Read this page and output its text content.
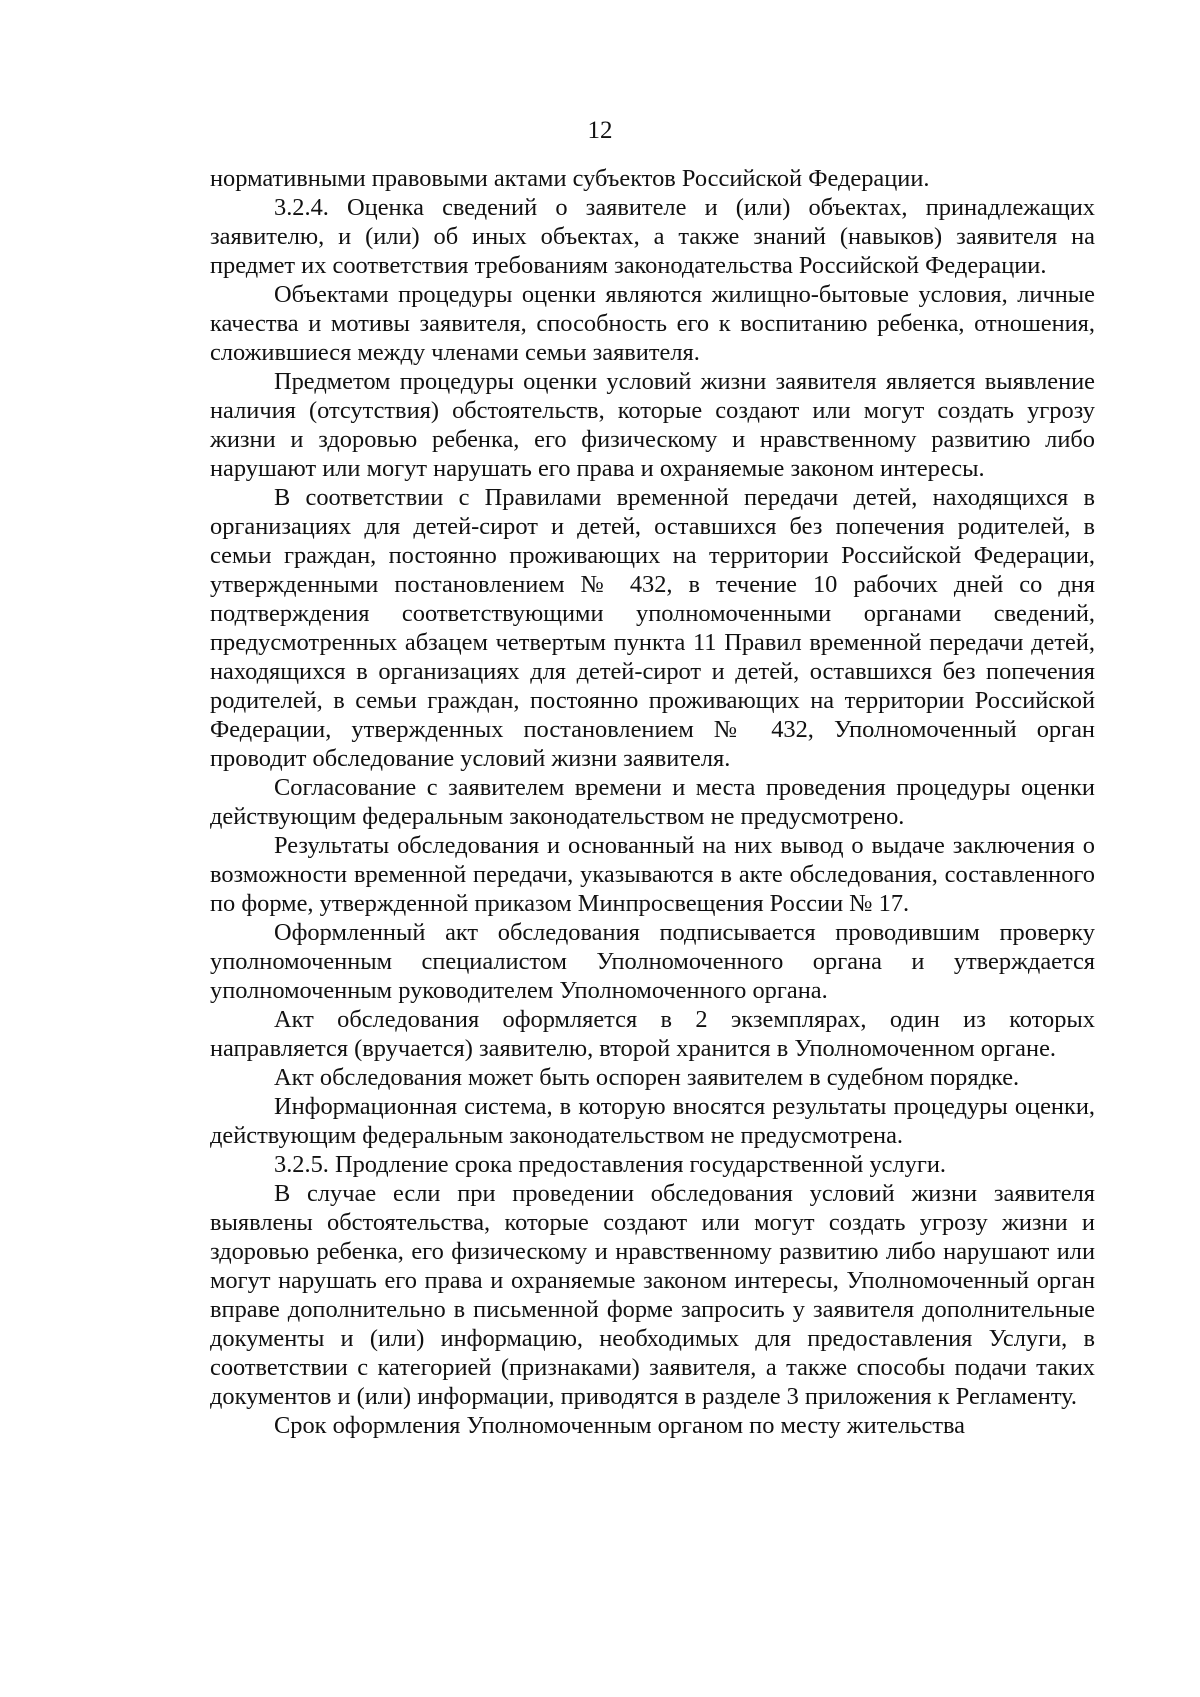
12

нормативными правовыми актами субъектов Российской Федерации.

3.2.4. Оценка сведений о заявителе и (или) объектах, принадлежащих заявителю, и (или) об иных объектах, а также знаний (навыков) заявителя на предмет их соответствия требованиям законодательства Российской Федерации.

Объектами процедуры оценки являются жилищно-бытовые условия, личные качества и мотивы заявителя, способность его к воспитанию ребенка, отношения, сложившиеся между членами семьи заявителя.

Предметом процедуры оценки условий жизни заявителя является выявление наличия (отсутствия) обстоятельств, которые создают или могут создать угрозу жизни и здоровью ребенка, его физическому и нравственному развитию либо нарушают или могут нарушать его права и охраняемые законом интересы.

В соответствии с Правилами временной передачи детей, находящихся в организациях для детей-сирот и детей, оставшихся без попечения родителей, в семьи граждан, постоянно проживающих на территории Российской Федерации, утвержденными постановлением № 432, в течение 10 рабочих дней со дня подтверждения соответствующими уполномоченными органами сведений, предусмотренных абзацем четвертым пункта 11 Правил временной передачи детей, находящихся в организациях для детей-сирот и детей, оставшихся без попечения родителей, в семьи граждан, постоянно проживающих на территории Российской Федерации, утвержденных постановлением № 432, Уполномоченный орган проводит обследование условий жизни заявителя.

Согласование с заявителем времени и места проведения процедуры оценки действующим федеральным законодательством не предусмотрено.

Результаты обследования и основанный на них вывод о выдаче заключения о возможности временной передачи, указываются в акте обследования, составленного по форме, утвержденной приказом Минпросвещения России № 17.

Оформленный акт обследования подписывается проводившим проверку уполномоченным специалистом Уполномоченного органа и утверждается уполномоченным руководителем Уполномоченного органа.

Акт обследования оформляется в 2 экземплярах, один из которых направляется (вручается) заявителю, второй хранится в Уполномоченном органе.

Акт обследования может быть оспорен заявителем в судебном порядке.

Информационная система, в которую вносятся результаты процедуры оценки, действующим федеральным законодательством не предусмотрена.

3.2.5. Продление срока предоставления государственной услуги.

В случае если при проведении обследования условий жизни заявителя выявлены обстоятельства, которые создают или могут создать угрозу жизни и здоровью ребенка, его физическому и нравственному развитию либо нарушают или могут нарушать его права и охраняемые законом интересы, Уполномоченный орган вправе дополнительно в письменной форме запросить у заявителя дополнительные документы и (или) информацию, необходимых для предоставления Услуги, в соответствии с категорией (признаками) заявителя, а также способы подачи таких документов и (или) информации, приводятся в разделе 3 приложения к Регламенту.

Срок оформления Уполномоченным органом по месту жительства
